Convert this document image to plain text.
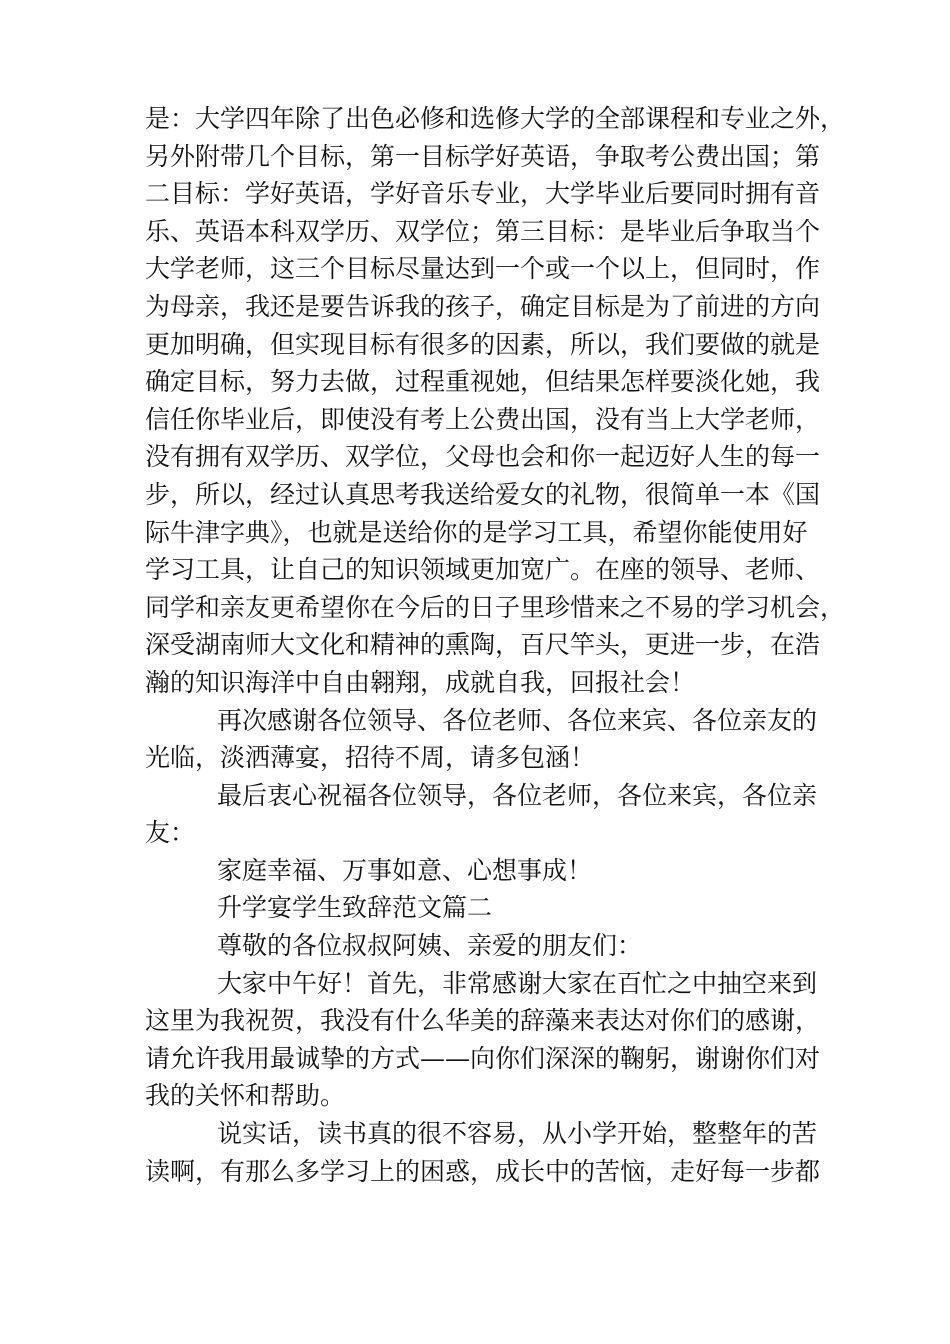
是：大学四年除了出色必修和选修大学的全部课程和专业之外，
另外附带几个目标，第一目标学好英语，争取考公费出国；第
二目标：学好英语，学好音乐专业，大学毕业后要同时拥有音
乐、英语本科双学历、双学位；第三目标：是毕业后争取当个
大学老师，这三个目标尽量达到一个或一个以上，但同时，作
为母亲，我还是要告诉我的孩子，确定目标是为了前进的方向
更加明确，但实现目标有很多的因素，所以，我们要做的就是
确定目标，努力去做，过程重视她，但结果怎样要淡化她，我
信任你毕业后，即使没有考上公费出国，没有当上大学老师，
没有拥有双学历、双学位，父母也会和你一起迈好人生的每一
步，所以，经过认真思考我送给爱女的礼物，很简单一本《国
际牛津字典》，也就是送给你的是学习工具，希望你能使用好
学习工具，让自己的知识领域更加宽广。在座的领导、老师、
同学和亲友更希望你在今后的日子里珍惜来之不易的学习机会，
深受湖南师大文化和精神的熏陶，百尺竿头，更进一步，在浩
瀚的知识海洋中自由翱翔，成就自我，回报社会！
再次感谢各位领导、各位老师、各位来宾、各位亲友的
光临，淡洒薄宴，招待不周，请多包涵！
最后衷心祝福各位领导，各位老师，各位来宾，各位亲
友：
家庭幸福、万事如意、心想事成！
升学宴学生致辞范文篇二
尊敬的各位叔叔阿姨、亲爱的朋友们：
大家中午好！首先，非常感谢大家在百忙之中抽空来到
这里为我祝贺，我没有什么华美的辞藻来表达对你们的感谢，
请允许我用最诚挚的方式——向你们深深的鞠躬，谢谢你们对
我的关怀和帮助。
说实话，读书真的很不容易，从小学开始，整整年的苦
读啊，有那么多学习上的困惑，成长中的苦恼，走好每一步都
